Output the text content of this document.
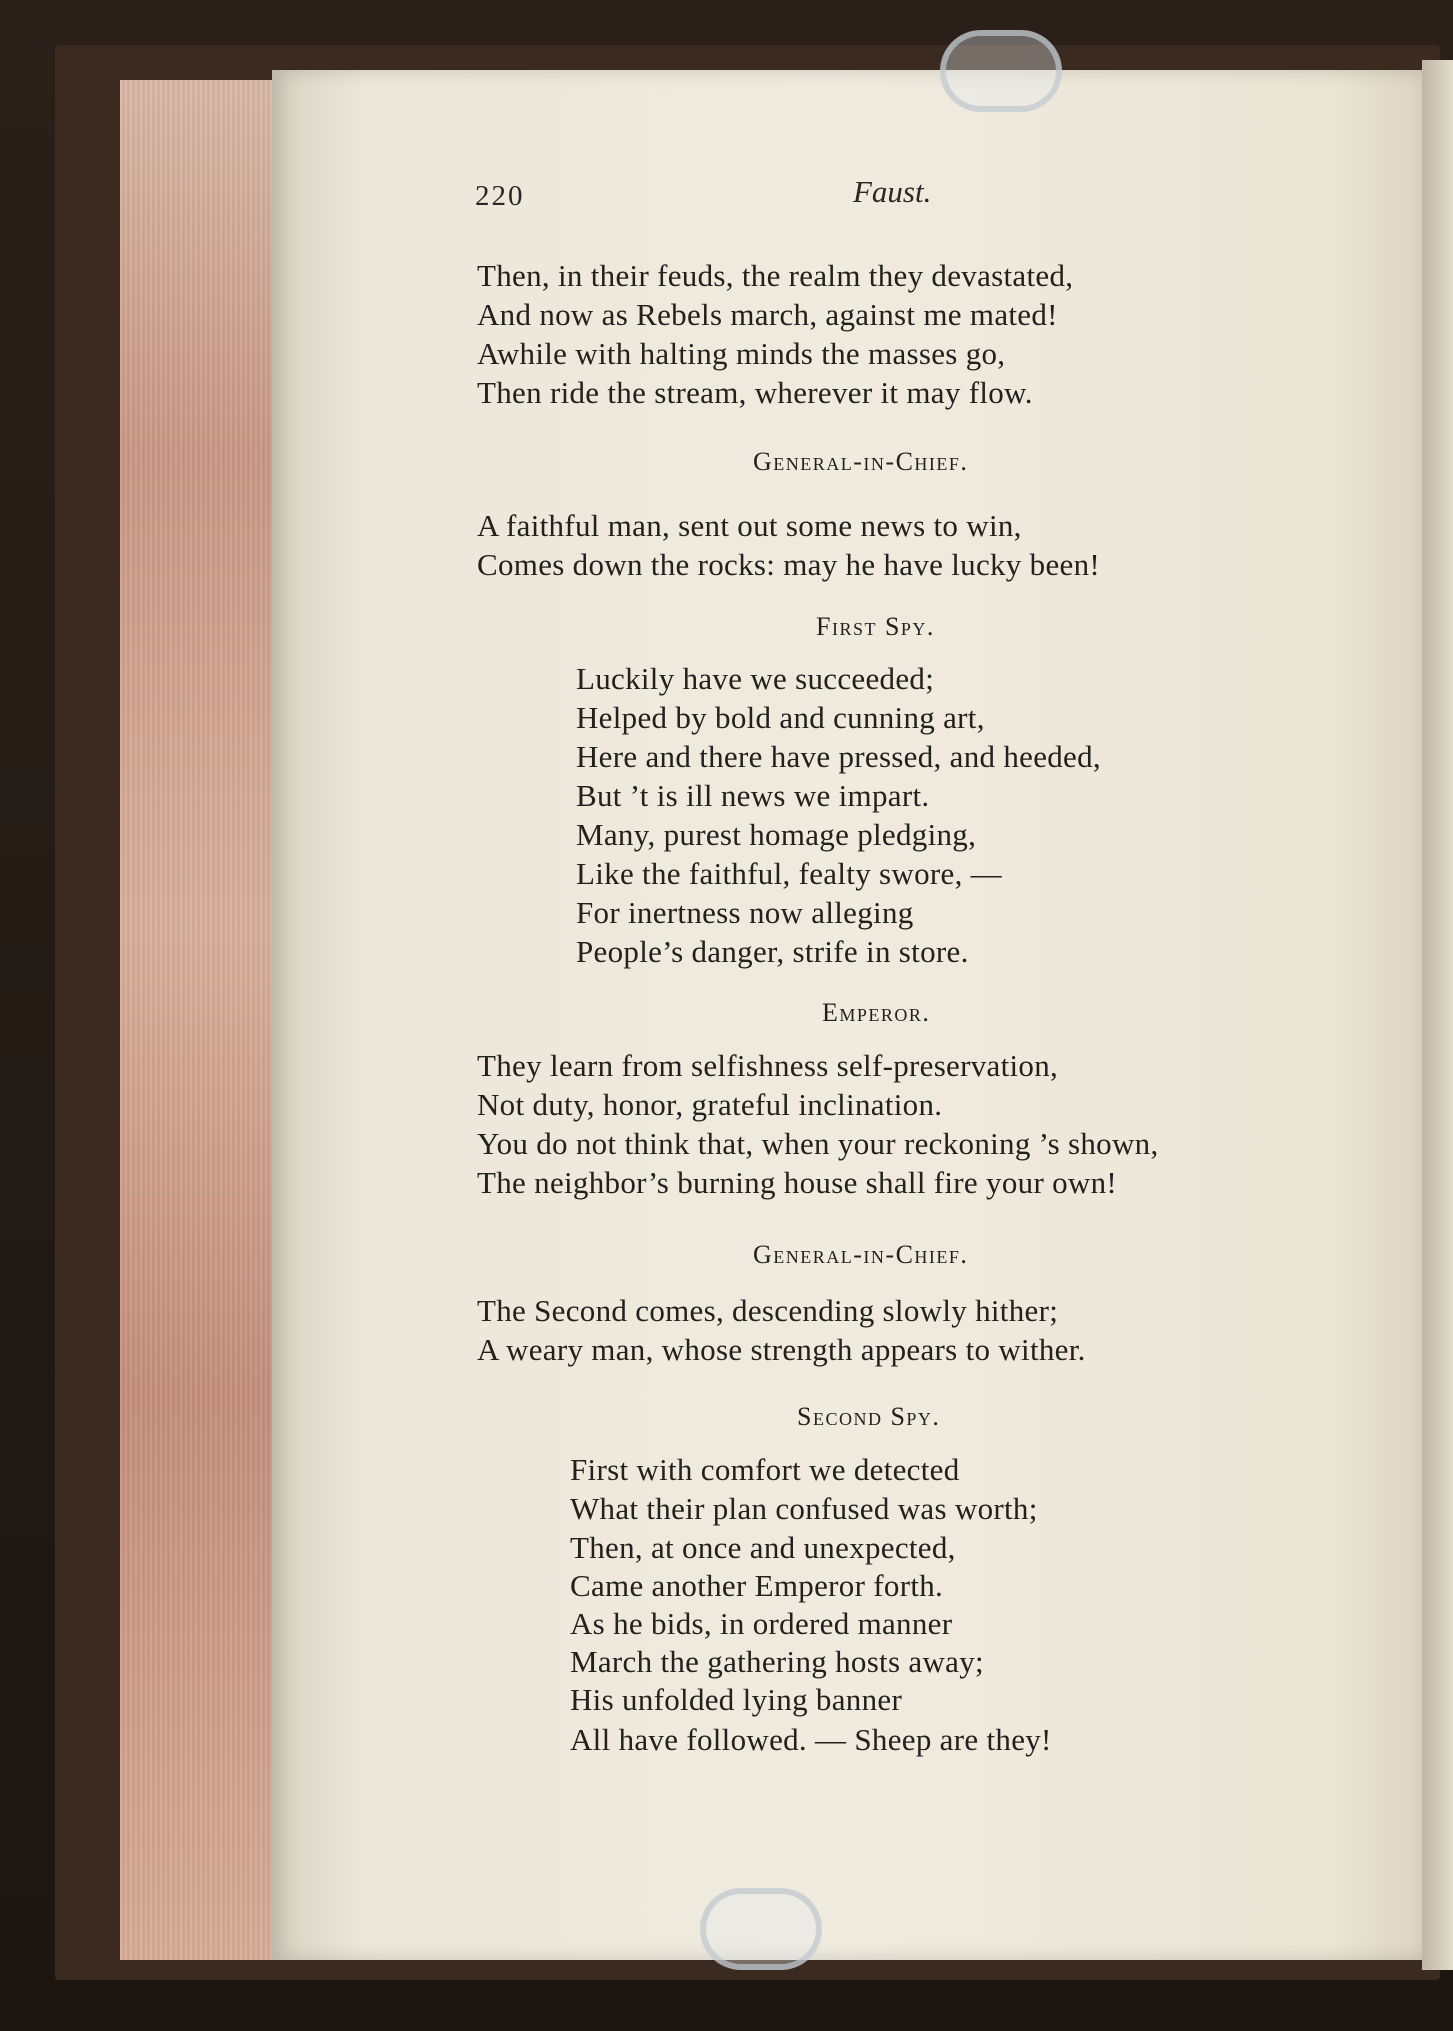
220	Faust.
Then, in their feuds, the realm they devastated,
And now as Rebels march, against me mated!
Awhile with halting minds the masses go,
Then ride the stream, wherever it may flow.
General-in-Chief.
A faithful man, sent out some news to win,
Comes down the rocks: may he have lucky been!
First Spy.
Luckily have we succeeded;
Helped by bold and cunning art,
Here and there have pressed, and heeded,
But ’t is ill news we impart.
Many, purest homage pledging,
Like the faithful, fealty swore, —
For inertness now alleging
People’s danger, strife in store.
Emperor.
They learn from selfishness self-preservation,
Not duty, honor, grateful inclination.
You do not think that, when your reckoning ’s shown,
The neighbor’s burning house shall fire your own!
General-in-Chief.
The Second comes, descending slowly hither;
A weary man, whose strength appears to wither.
Second Spy.
First with comfort we detected
What their plan confused was worth;
Then, at once and unexpected,
Came another Emperor forth.
As he bids, in ordered manner
March the gathering hosts away;
His unfolded lying banner
All have followed. — Sheep are they!
